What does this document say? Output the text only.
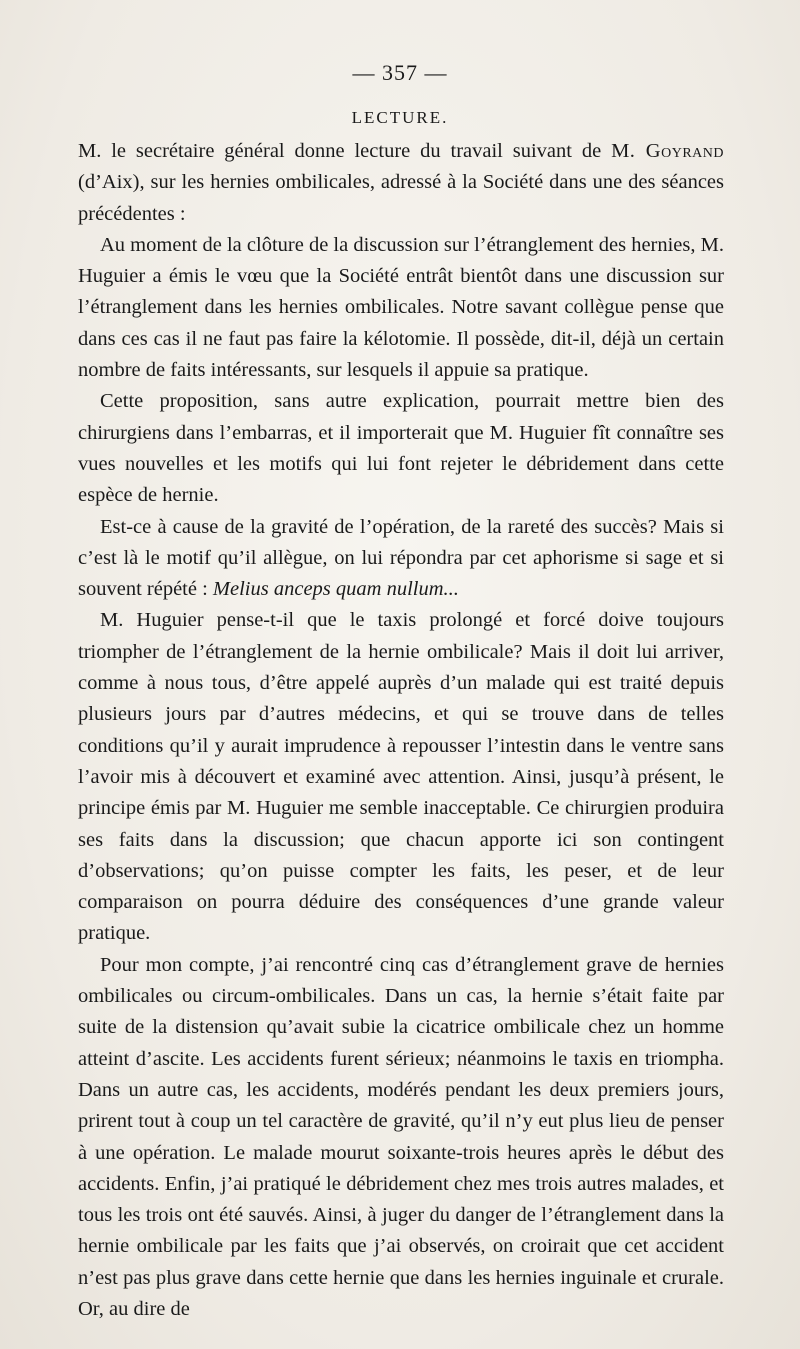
— 357 —
LECTURE.

M. le secrétaire général donne lecture du travail suivant de M. Goyrand (d’Aix), sur les hernies ombilicales, adressé à la Société dans une des séances précédentes :

Au moment de la clôture de la discussion sur l’étranglement des hernies, M. Huguier a émis le vœu que la Société entrât bientôt dans une discussion sur l’étranglement dans les hernies ombilicales. Notre savant collègue pense que dans ces cas il ne faut pas faire la kélotomie. Il possède, dit-il, déjà un certain nombre de faits intéressants, sur lesquels il appuie sa pratique.

Cette proposition, sans autre explication, pourrait mettre bien des chirurgiens dans l’embarras, et il importerait que M. Huguier fît connaître ses vues nouvelles et les motifs qui lui font rejeter le débridement dans cette espèce de hernie.

Est-ce à cause de la gravité de l’opération, de la rareté des succès? Mais si c’est là le motif qu’il allègue, on lui répondra par cet aphorisme si sage et si souvent répété : Melius anceps quam nullum...

M. Huguier pense-t-il que le taxis prolongé et forcé doive toujours triompher de l’étranglement de la hernie ombilicale? Mais il doit lui arriver, comme à nous tous, d’être appelé auprès d’un malade qui est traité depuis plusieurs jours par d’autres médecins, et qui se trouve dans de telles conditions qu’il y aurait imprudence à repousser l’intestin dans le ventre sans l’avoir mis à découvert et examiné avec attention. Ainsi, jusqu’à présent, le principe émis par M. Huguier me semble inacceptable. Ce chirurgien produira ses faits dans la discussion; que chacun apporte ici son contingent d’observations; qu’on puisse compter les faits, les peser, et de leur comparaison on pourra déduire des conséquences d’une grande valeur pratique.

Pour mon compte, j’ai rencontré cinq cas d’étranglement grave de hernies ombilicales ou circum-ombilicales. Dans un cas, la hernie s’était faite par suite de la distension qu’avait subie la cicatrice ombilicale chez un homme atteint d’ascite. Les accidents furent sérieux; néanmoins le taxis en triompha. Dans un autre cas, les accidents, modérés pendant les deux premiers jours, prirent tout à coup un tel caractère de gravité, qu’il n’y eut plus lieu de penser à une opération. Le malade mourut soixante-trois heures après le début des accidents. Enfin, j’ai pratiqué le débridement chez mes trois autres malades, et tous les trois ont été sauvés. Ainsi, à juger du danger de l’étranglement dans la hernie ombilicale par les faits que j’ai observés, on croirait que cet accident n’est pas plus grave dans cette hernie que dans les hernies inguinale et crurale. Or, au dire de
